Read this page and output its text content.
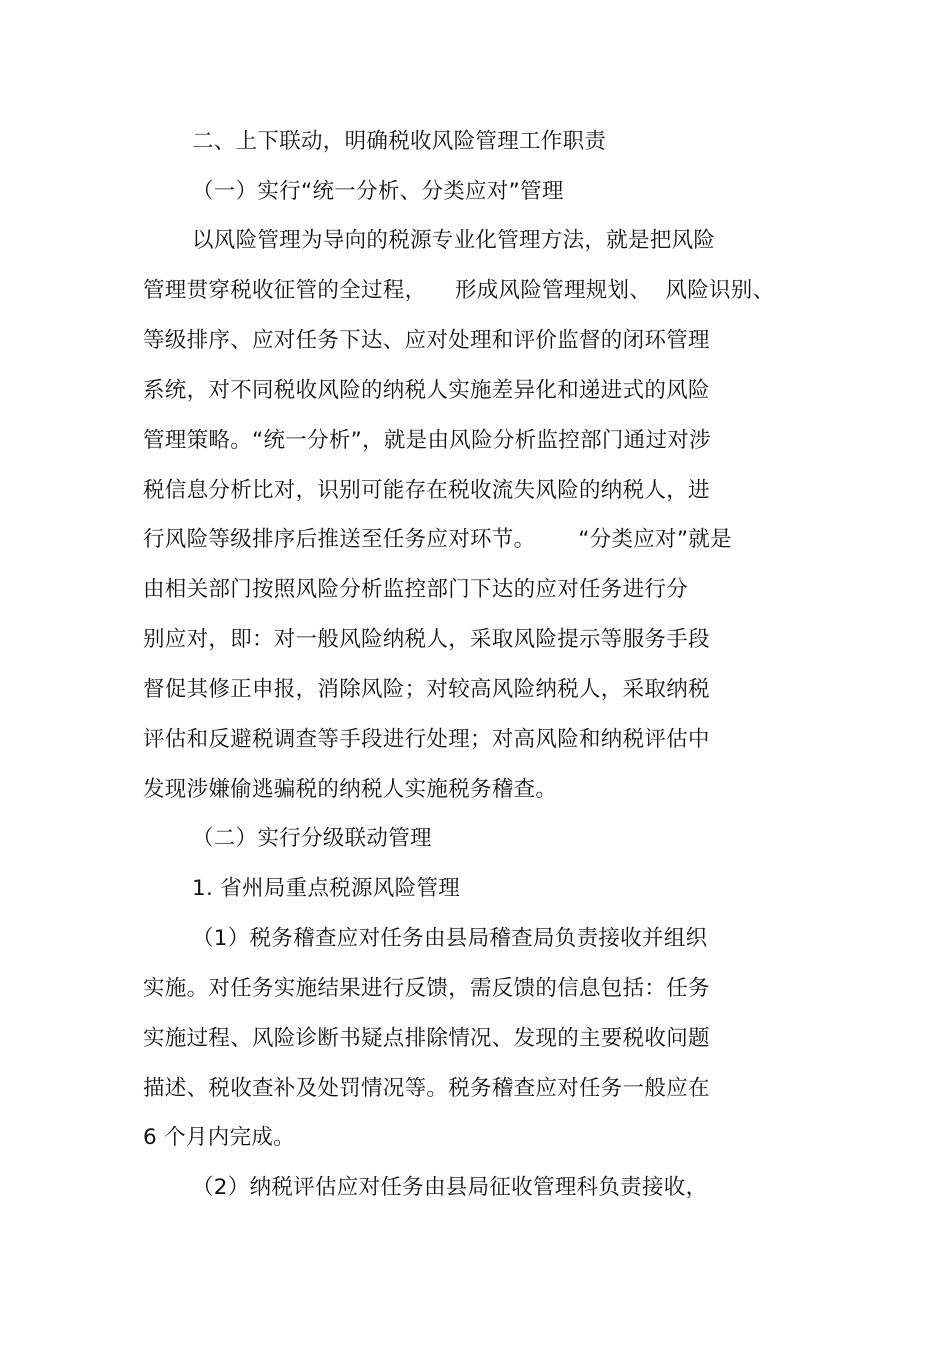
二、上下联动，明确税收风险管理工作职责
（一）实行“统一分析、分类应对”管理
以风险管理为导向的税源专业化管理方法，就是把风险
管理贯穿税收征管的全过程，    形成风险管理规划、  风险识别、
等级排序、应对任务下达、应对处理和评价监督的闭环管理
系统，对不同税收风险的纳税人实施差异化和递进式的风险
管理策略。“统一分析”，就是由风险分析监控部门通过对涉
税信息分析比对，识别可能存在税收流失风险的纳税人，进
行风险等级排序后推送至任务应对环节。      “分类应对”就是
由相关部门按照风险分析监控部门下达的应对任务进行分
别应对，即：对一般风险纳税人，采取风险提示等服务手段
督促其修正申报，消除风险；对较高风险纳税人，采取纳税
评估和反避税调查等手段进行处理；对高风险和纳税评估中
发现涉嫌偷逃骗税的纳税人实施税务稽查。
（二）实行分级联动管理
1. 省州局重点税源风险管理
（1）税务稽查应对任务由县局稽查局负责接收并组织
实施。对任务实施结果进行反馈，需反馈的信息包括：任务
实施过程、风险诊断书疑点排除情况、发现的主要税收问题
描述、税收查补及处罚情况等。税务稽查应对任务一般应在
6 个月内完成。
（2）纳税评估应对任务由县局征收管理科负责接收，
